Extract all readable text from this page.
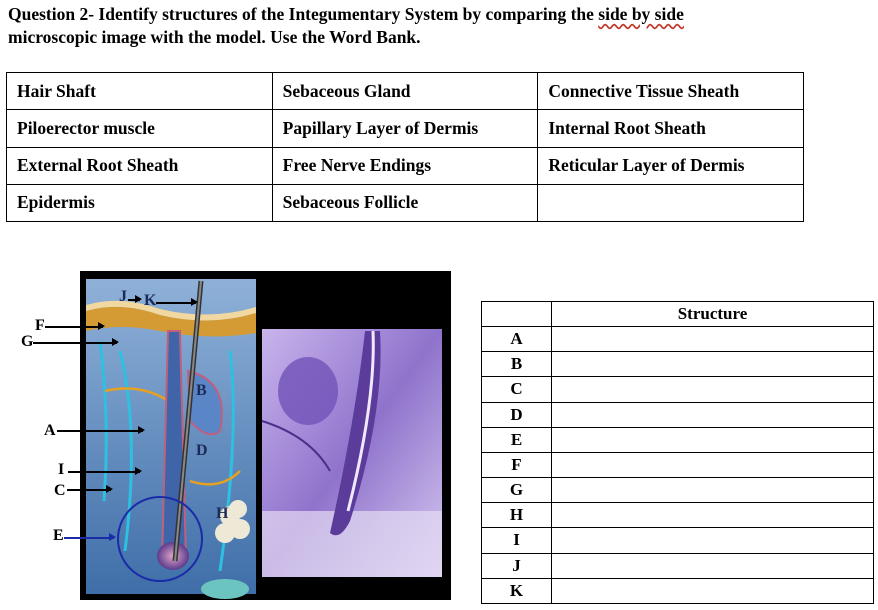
Question 2- Identify structures of the Integumentary System by comparing the side by side
microscopic image with the model. Use the Word Bank.
Hair Shaft	Sebaceous Gland	Connective Tissue Sheath
Piloerector muscle	Papillary Layer of Dermis	Internal Root Sheath
External Root Sheath	Free Nerve Endings	Reticular Layer of Dermis
Epidermis	Sebaceous Follicle	
J K
B
D
H
F
G
A
I
C
E
	Structure
A	
B	
C	
D	
E	
F	
G	
H	
I	
J	
K	
